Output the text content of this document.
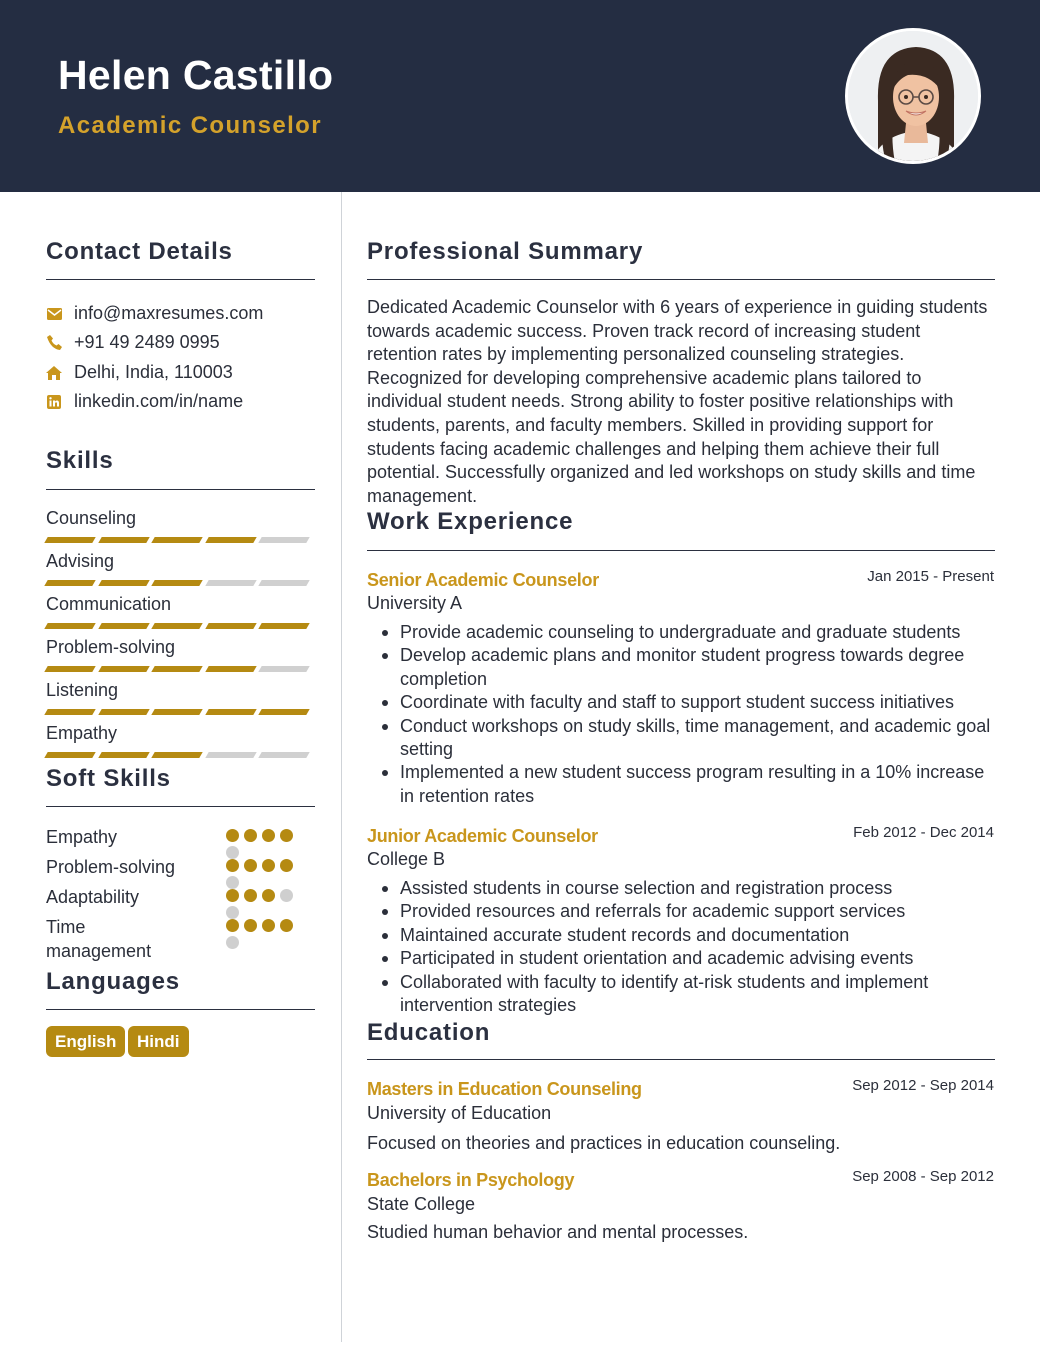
Helen Castillo
Academic Counselor
Contact Details
info@maxresumes.com
+91 49 2489 0995
Delhi, India, 110003
linkedin.com/in/name
Skills
Counseling
Advising
Communication
Problem-solving
Listening
Empathy
Soft Skills
Empathy
Problem-solving
Adaptability
Time management
Languages
English	Hindi
Professional Summary
Dedicated Academic Counselor with 6 years of experience in guiding students towards academic success. Proven track record of increasing student retention rates by implementing personalized counseling strategies. Recognized for developing comprehensive academic plans tailored to individual student needs. Strong ability to foster positive relationships with students, parents, and faculty members. Skilled in providing support for students facing academic challenges and helping them achieve their full potential. Successfully organized and led workshops on study skills and time management.
Work Experience
Senior Academic Counselor	Jan 2015 - Present
University A
Provide academic counseling to undergraduate and graduate students
Develop academic plans and monitor student progress towards degree completion
Coordinate with faculty and staff to support student success initiatives
Conduct workshops on study skills, time management, and academic goal setting
Implemented a new student success program resulting in a 10% increase in retention rates
Junior Academic Counselor	Feb 2012 - Dec 2014
College B
Assisted students in course selection and registration process
Provided resources and referrals for academic support services
Maintained accurate student records and documentation
Participated in student orientation and academic advising events
Collaborated with faculty to identify at-risk students and implement intervention strategies
Education
Masters in Education Counseling	Sep 2012 - Sep 2014
University of Education
Focused on theories and practices in education counseling.
Bachelors in Psychology	Sep 2008 - Sep 2012
State College
Studied human behavior and mental processes.
